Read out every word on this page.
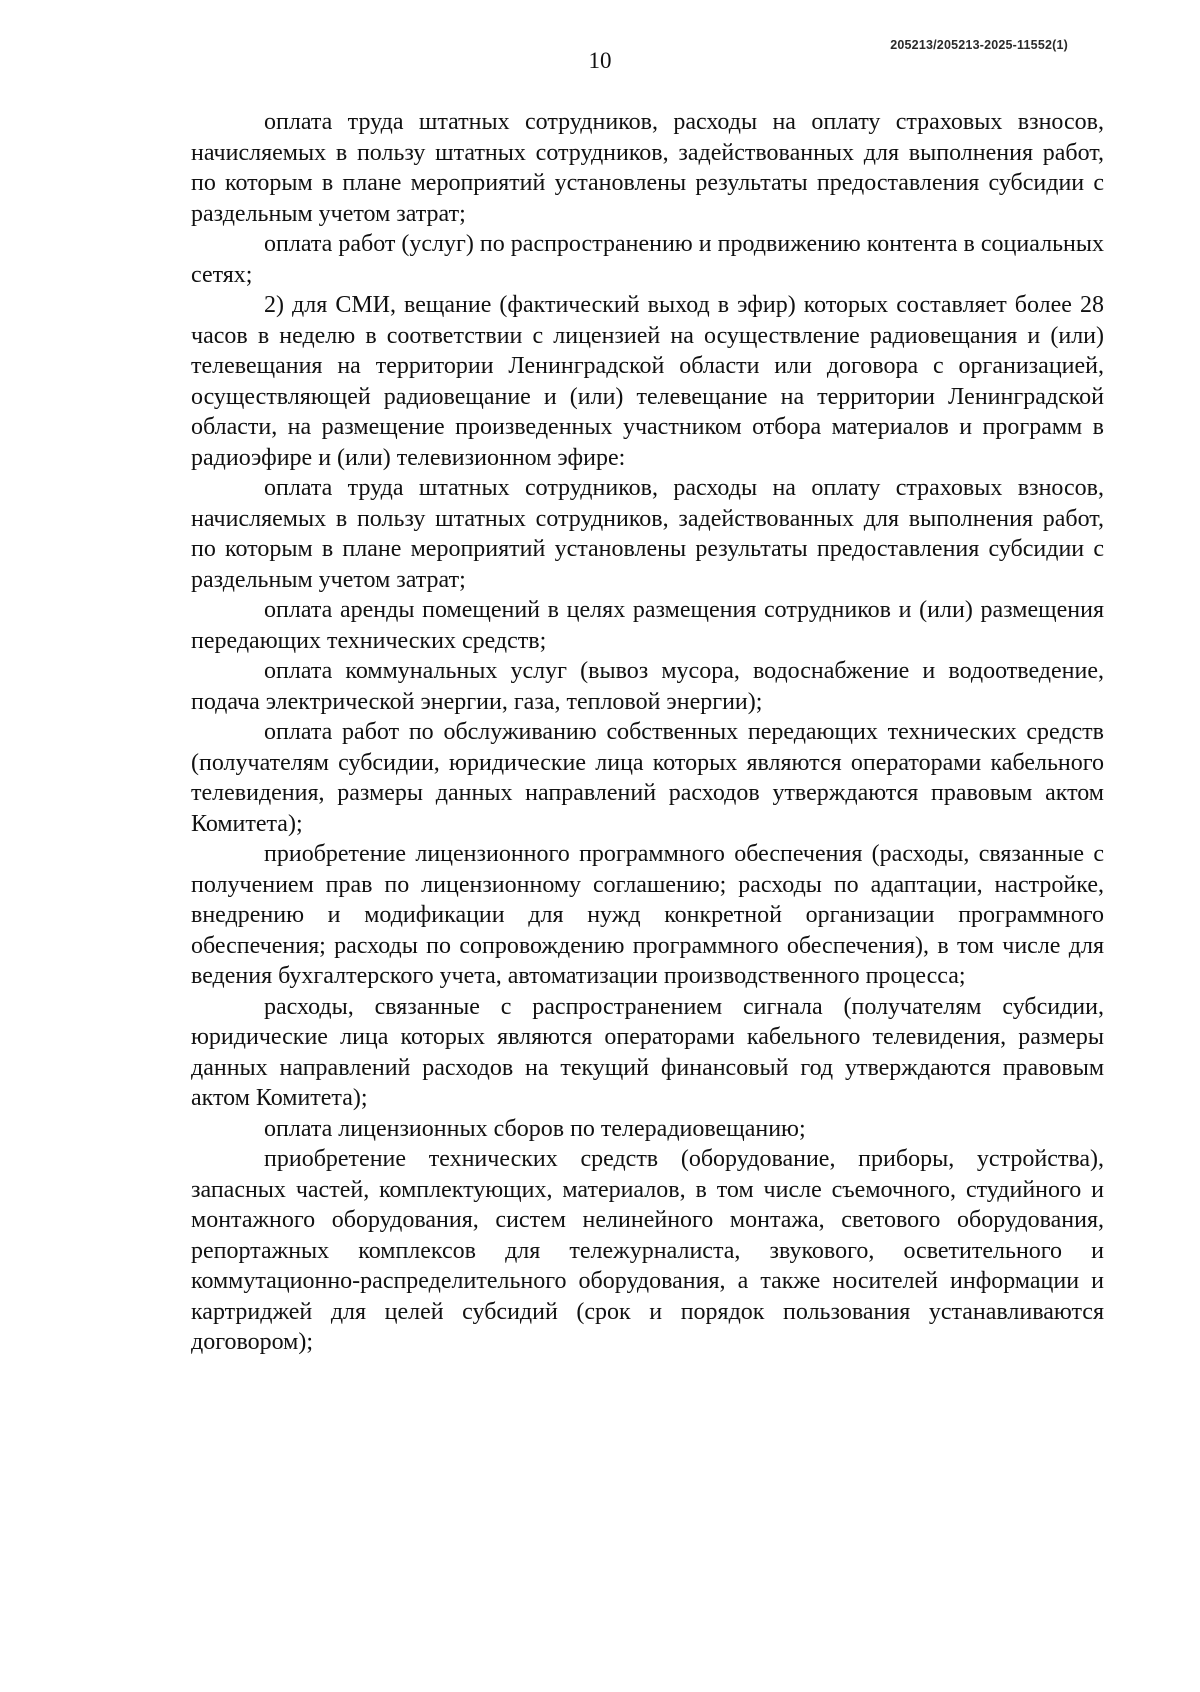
205213/205213-2025-11552(1)
10

оплата труда штатных сотрудников, расходы на оплату страховых взносов, начисляемых в пользу штатных сотрудников, задействованных для выполнения работ, по которым в плане мероприятий установлены результаты предоставления субсидии с раздельным учетом затрат;

оплата работ (услуг) по распространению и продвижению контента в социальных сетях;

2) для СМИ, вещание (фактический выход в эфир) которых составляет более 28 часов в неделю в соответствии с лицензией на осуществление радиовещания и (или) телевещания на территории Ленинградской области или договора с организацией, осуществляющей радиовещание и (или) телевещание на территории Ленинградской области, на размещение произведенных участником отбора материалов и программ в радиоэфире и (или) телевизионном эфире:

оплата труда штатных сотрудников, расходы на оплату страховых взносов, начисляемых в пользу штатных сотрудников, задействованных для выполнения работ, по которым в плане мероприятий установлены результаты предоставления субсидии с раздельным учетом затрат;

оплата аренды помещений в целях размещения сотрудников и (или) размещения передающих технических средств;

оплата коммунальных услуг (вывоз мусора, водоснабжение и водоотведение, подача электрической энергии, газа, тепловой энергии);

оплата работ по обслуживанию собственных передающих технических средств (получателям субсидии, юридические лица которых являются операторами кабельного телевидения, размеры данных направлений расходов утверждаются правовым актом Комитета);

приобретение лицензионного программного обеспечения (расходы, связанные с получением прав по лицензионному соглашению; расходы по адаптации, настройке, внедрению и модификации для нужд конкретной организации программного обеспечения; расходы по сопровождению программного обеспечения), в том числе для ведения бухгалтерского учета, автоматизации производственного процесса;

расходы, связанные с распространением сигнала (получателям субсидии, юридические лица которых являются операторами кабельного телевидения, размеры данных направлений расходов на текущий финансовый год утверждаются правовым актом Комитета);

оплата лицензионных сборов по телерадиовещанию;

приобретение технических средств (оборудование, приборы, устройства), запасных частей, комплектующих, материалов, в том числе съемочного, студийного и монтажного оборудования, систем нелинейного монтажа, светового оборудования, репортажных комплексов для тележурналиста, звукового, осветительного и коммутационно-распределительного оборудования, а также носителей информации и картриджей для целей субсидий (срок и порядок пользования устанавливаются договором);
